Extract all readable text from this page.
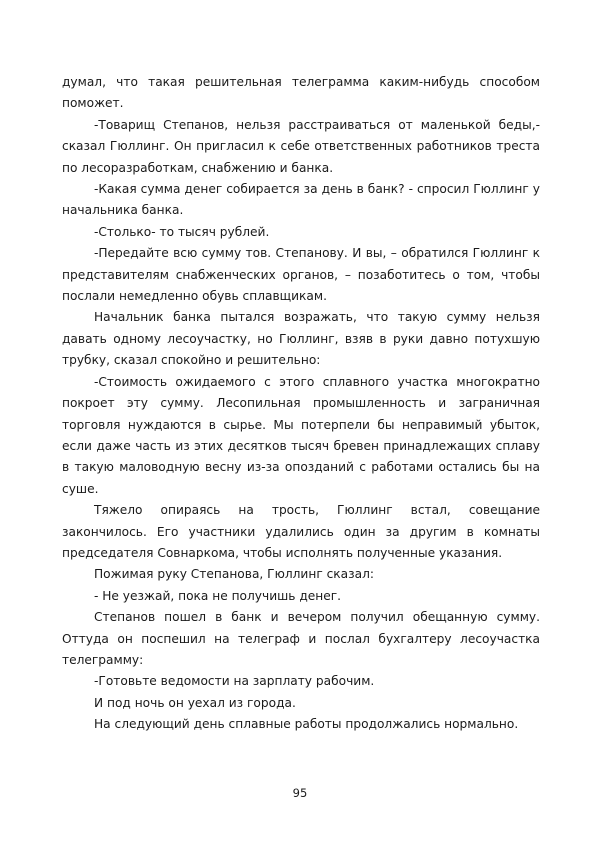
думал, что такая решительная телеграмма каким-нибудь способом поможет.

-Товарищ Степанов, нельзя расстраиваться от маленькой беды,- сказал Гюллинг. Он пригласил к себе ответственных работников треста по лесоразработкам, снабжению и банка.

-Какая сумма денег собирается за день в банк? - спросил Гюллинг у начальника банка.

-Столько- то тысяч рублей.

-Передайте всю сумму тов. Степанову. И вы, – обратился Гюллинг к представителям снабженческих органов, – позаботитесь о том, чтобы послали немедленно обувь сплавщикам.

Начальник банка пытался возражать, что такую сумму нельзя давать одному лесоучастку, но Гюллинг, взяв в руки давно потухшую трубку, сказал спокойно и решительно:

-Стоимость ожидаемого с этого сплавного участка многократно покроет эту сумму. Лесопильная промышленность и заграничная торговля нуждаются в сырье. Мы потерпели бы неправимый убыток, если даже часть из этих десятков тысяч бревен принадлежащих сплаву в такую маловодную весну из-за опозданий с работами остались бы на суше.

Тяжело опираясь на трость, Гюллинг встал, совещание закончилось. Его участники удалились один за другим в комнаты председателя Совнаркома, чтобы исполнять полученные указания.

Пожимая руку Степанова, Гюллинг сказал:

- Не уезжай, пока не получишь денег.

Степанов пошел в банк и вечером получил обещанную сумму. Оттуда он поспешил на телеграф и послал бухгалтеру лесоучастка телеграмму:

-Готовьте ведомости на зарплату рабочим.

И под ночь он уехал из города.

На следующий день сплавные работы продолжались нормально.

95
